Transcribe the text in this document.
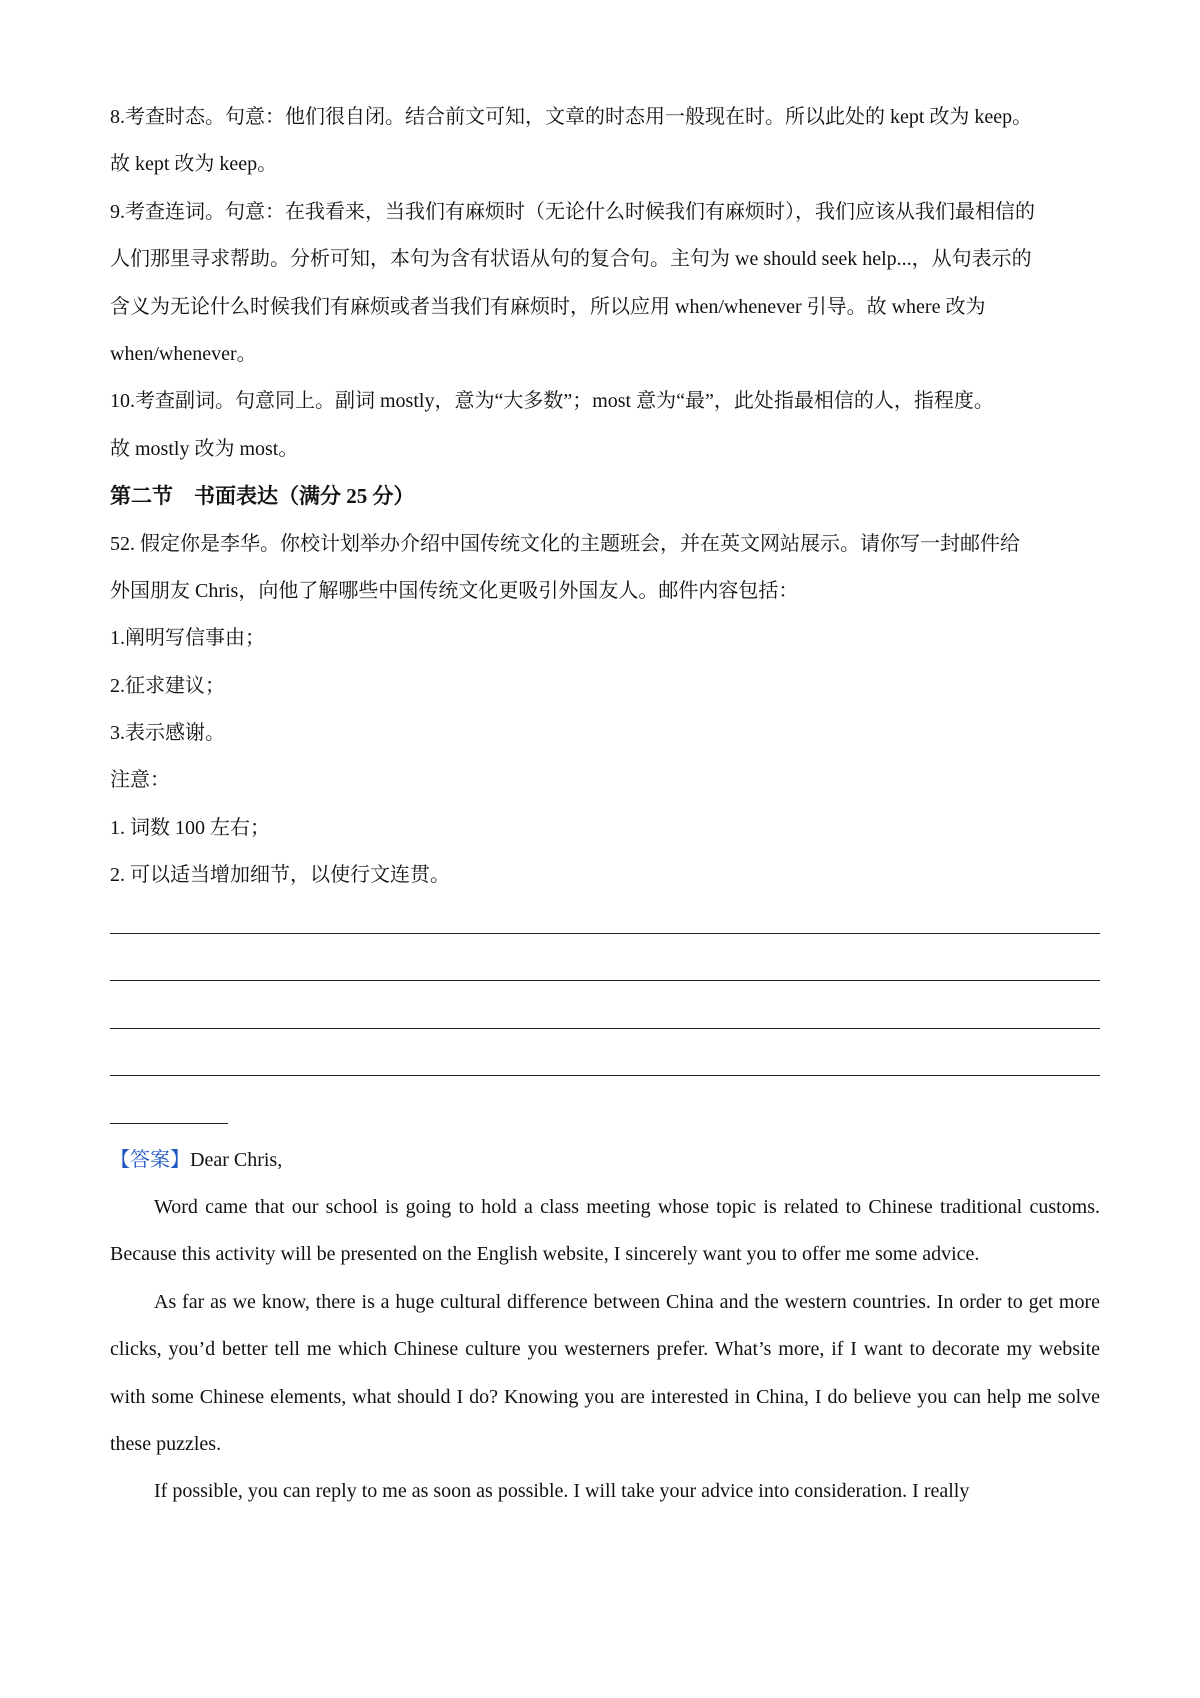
8.考查时态。句意：他们很自闭。结合前文可知，文章的时态用一般现在时。所以此处的 kept 改为 keep。
故 kept 改为 keep。
9.考查连词。句意：在我看来，当我们有麻烦时（无论什么时候我们有麻烦时），我们应该从我们最相信的
人们那里寻求帮助。分析可知，本句为含有状语从句的复合句。主句为 we should seek help...，从句表示的
含义为无论什么时候我们有麻烦或者当我们有麻烦时，所以应用 when/whenever 引导。故 where 改为
when/whenever。
10.考查副词。句意同上。副词 mostly，意为“大多数”；most 意为“最”，此处指最相信的人，指程度。
故 mostly 改为 most。
第二节　书面表达（满分 25 分）
52. 假定你是李华。你校计划举办介绍中国传统文化的主题班会，并在英文网站展示。请你写一封邮件给
外国朋友 Chris，向他了解哪些中国传统文化更吸引外国友人。邮件内容包括：
1.阐明写信事由；
2.征求建议；
3.表示感谢。
注意：
1. 词数 100 左右；
2. 可以适当增加细节，以使行文连贯。
【答案】Dear Chris,

Word came that our school is going to hold a class meeting whose topic is related to Chinese traditional customs. Because this activity will be presented on the English website, I sincerely want you to offer me some advice.

As far as we know, there is a huge cultural difference between China and the western countries. In order to get more clicks, you’d better tell me which Chinese culture you westerners prefer. What’s more, if I want to decorate my website with some Chinese elements, what should I do? Knowing you are interested in China, I do believe you can help me solve these puzzles.

If possible, you can reply to me as soon as possible. I will take your advice into consideration. I really
